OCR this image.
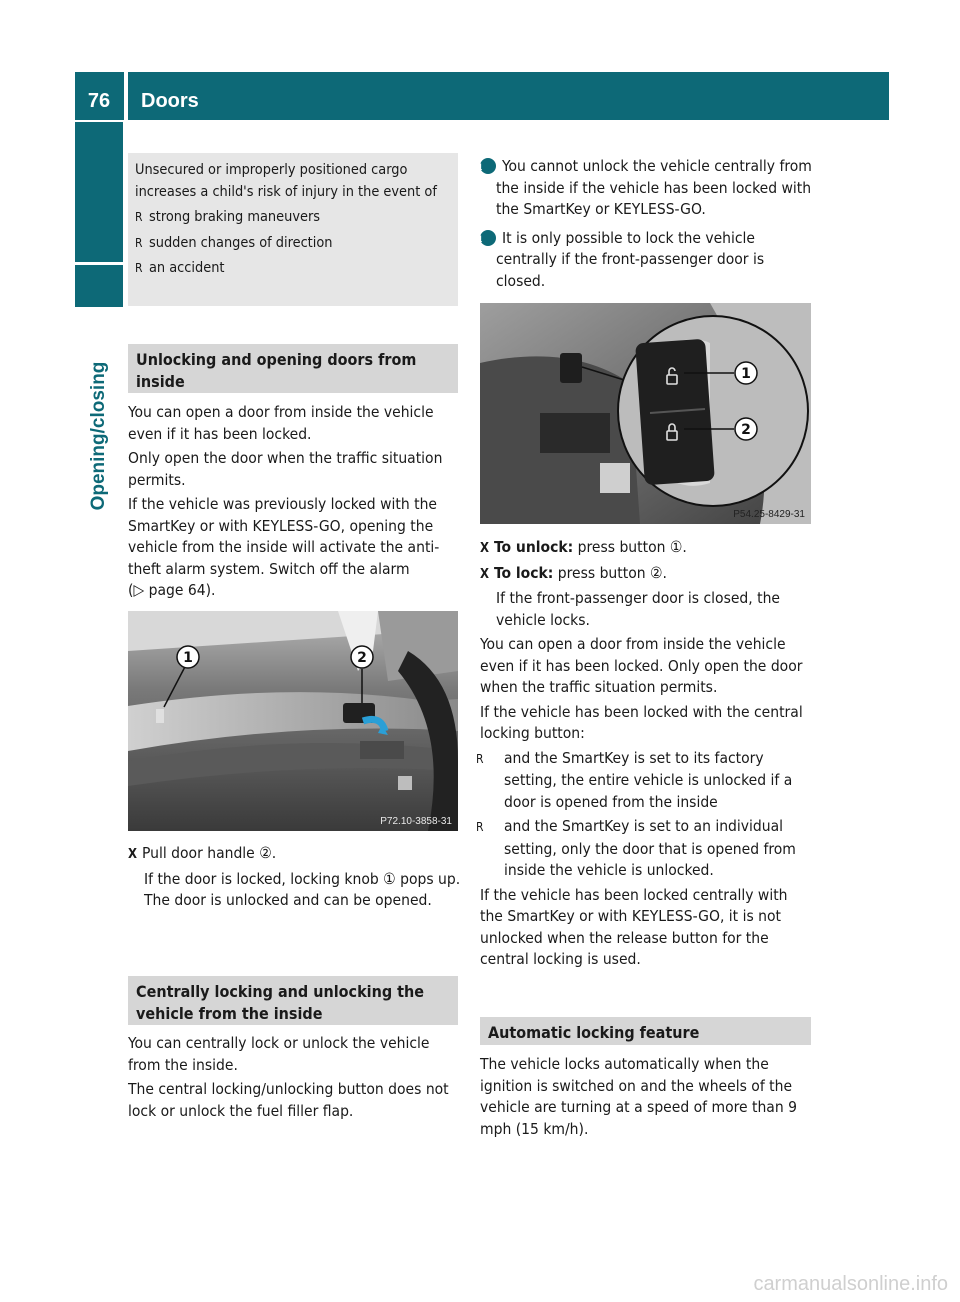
76	Doors
Opening/closing
Unsecured or improperly positioned cargo increases a child's risk of injury in the event of
R strong braking maneuvers
R sudden changes of direction
R an accident
Unlocking and opening doors from inside

You can open a door from inside the vehicle even if it has been locked.

Only open the door when the traffic situation permits.

If the vehicle was previously locked with the SmartKey or with KEYLESS-GO, opening the vehicle from the inside will activate the anti-theft alarm system. Switch off the alarm
(▷ page 64).

1	2
P72.10-3858-31

X Pull door handle ②.

If the door is locked, locking knob ① pops up. The door is unlocked and can be opened.

Centrally locking and unlocking the vehicle from the inside

You can centrally lock or unlock the vehicle from the inside.

The central locking/unlocking button does not lock or unlock the fuel filler flap.

i You cannot unlock the vehicle centrally from the inside if the vehicle has been locked with the SmartKey or KEYLESS-GO.

i It is only possible to lock the vehicle centrally if the front-passenger door is closed.

1
2
P54.25-8429-31

X To unlock: press button ①.

X To lock: press button ②.

If the front-passenger door is closed, the vehicle locks.

You can open a door from inside the vehicle even if it has been locked. Only open the door when the traffic situation permits.

If the vehicle has been locked with the central locking button:

R and the SmartKey is set to its factory setting, the entire vehicle is unlocked if a door is opened from the inside

R and the SmartKey is set to an individual setting, only the door that is opened from inside the vehicle is unlocked.

If the vehicle has been locked centrally with the SmartKey or with KEYLESS-GO, it is not unlocked when the release button for the central locking is used.

Automatic locking feature

The vehicle locks automatically when the ignition is switched on and the wheels of the vehicle are turning at a speed of more than 9 mph (15 km/h).

carmanualsonline.info
